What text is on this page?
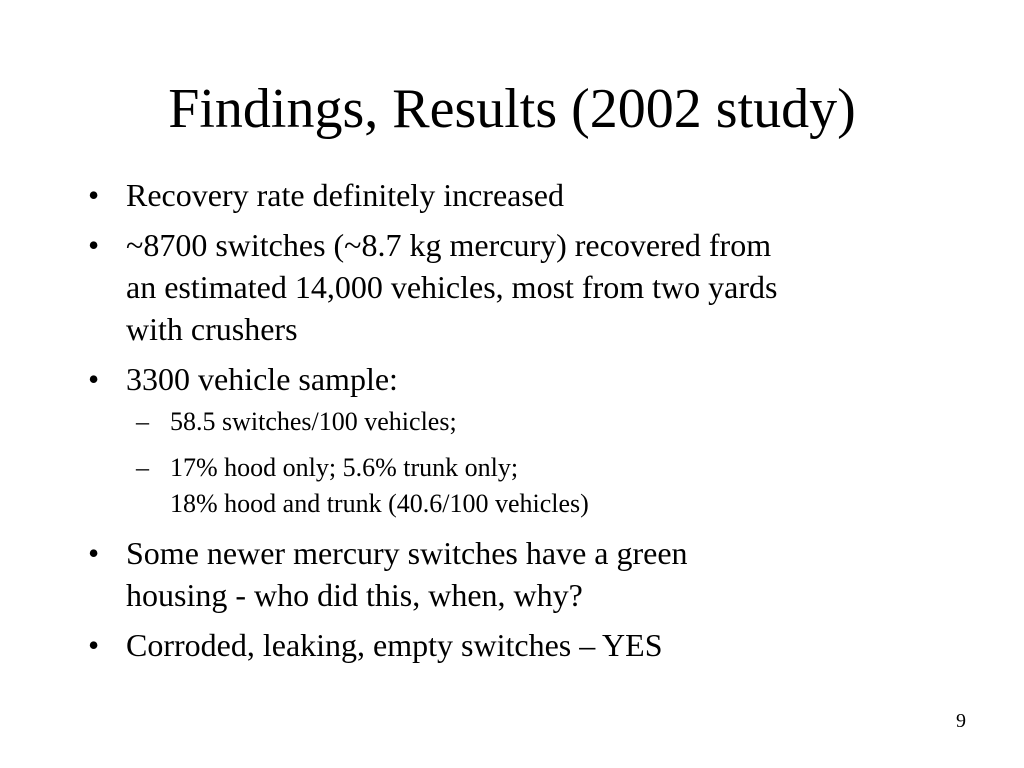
Findings, Results (2002 study)
• Recovery rate definitely increased
• ~8700 switches (~8.7 kg mercury) recovered from
an estimated 14,000 vehicles, most from two yards
with crushers
• 3300 vehicle sample:
– 58.5 switches/100 vehicles;
– 17% hood only; 5.6% trunk only;
18% hood and trunk (40.6/100 vehicles)
• Some newer mercury switches have a green
housing - who did this, when, why?
• Corroded, leaking, empty switches – YES
9
